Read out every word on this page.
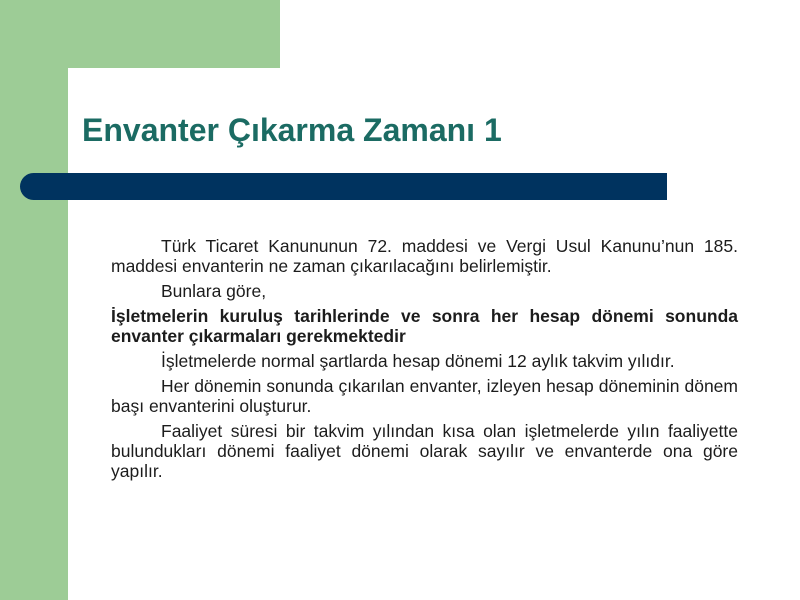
Envanter Çıkarma Zamanı 1

Türk Ticaret Kanununun 72. maddesi ve Vergi Usul Kanunu’nun 185. maddesi envanterin ne zaman çıkarılacağını belirlemiştir.

Bunlara göre,

İşletmelerin kuruluş tarihlerinde ve sonra her hesap dönemi sonunda envanter çıkarmaları gerekmektedir

İşletmelerde normal şartlarda hesap dönemi 12 aylık takvim yılıdır.

Her dönemin sonunda çıkarılan envanter, izleyen hesap döneminin dönem başı envanterini oluşturur.

Faaliyet süresi bir takvim yılından kısa olan işletmelerde yılın faaliyette bulundukları dönemi faaliyet dönemi olarak sayılır ve envanterde ona göre yapılır.
